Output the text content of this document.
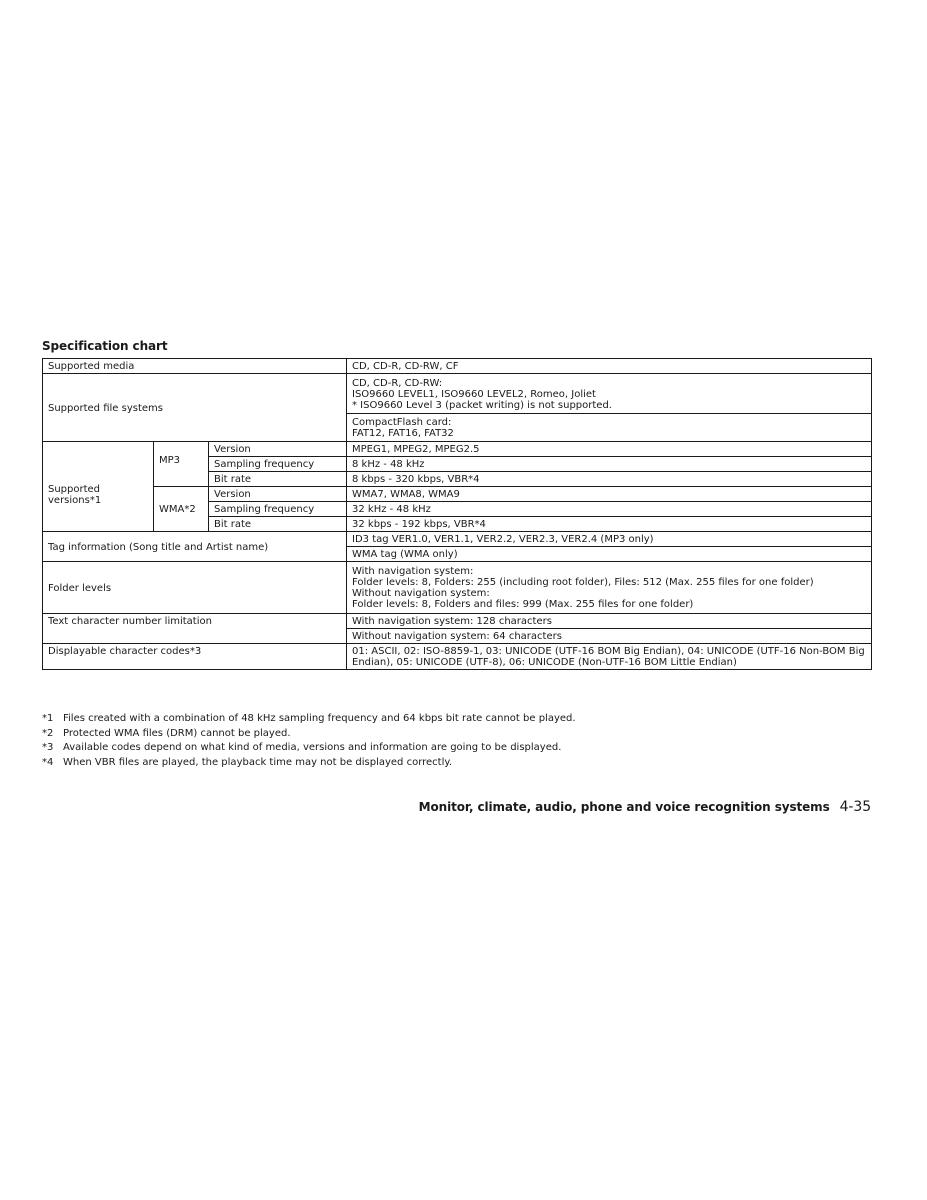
Specification chart
Supported media			CD, CD-R, CD-RW, CF
Supported file systems			CD, CD-R, CD-RW:
ISO9660 LEVEL1, ISO9660 LEVEL2, Romeo, Joliet
* ISO9660 Level 3 (packet writing) is not supported.
			CompactFlash card:
FAT12, FAT16, FAT32
Supported versions*1	MP3	Version	MPEG1, MPEG2, MPEG2.5
		Sampling frequency	8 kHz - 48 kHz
		Bit rate	8 kbps - 320 kbps, VBR*4
	WMA*2	Version	WMA7, WMA8, WMA9
		Sampling frequency	32 kHz - 48 kHz
		Bit rate	32 kbps - 192 kbps, VBR*4
Tag information (Song title and Artist name)			ID3 tag VER1.0, VER1.1, VER2.2, VER2.3, VER2.4 (MP3 only)
			WMA tag (WMA only)
Folder levels			With navigation system:
Folder levels: 8, Folders: 255 (including root folder), Files: 512 (Max. 255 files for one folder)
Without navigation system:
Folder levels: 8, Folders and files: 999 (Max. 255 files for one folder)
Text character number limitation			With navigation system: 128 characters
			Without navigation system: 64 characters
Displayable character codes*3			01: ASCII, 02: ISO-8859-1, 03: UNICODE (UTF-16 BOM Big Endian), 04: UNICODE (UTF-16 Non-BOM Big Endian), 05: UNICODE (UTF-8), 06: UNICODE (Non-UTF-16 BOM Little Endian)
*1 Files created with a combination of 48 kHz sampling frequency and 64 kbps bit rate cannot be played.
*2 Protected WMA files (DRM) cannot be played.
*3 Available codes depend on what kind of media, versions and information are going to be displayed.
*4 When VBR files are played, the playback time may not be displayed correctly.
Monitor, climate, audio, phone and voice recognition systems 4-35
